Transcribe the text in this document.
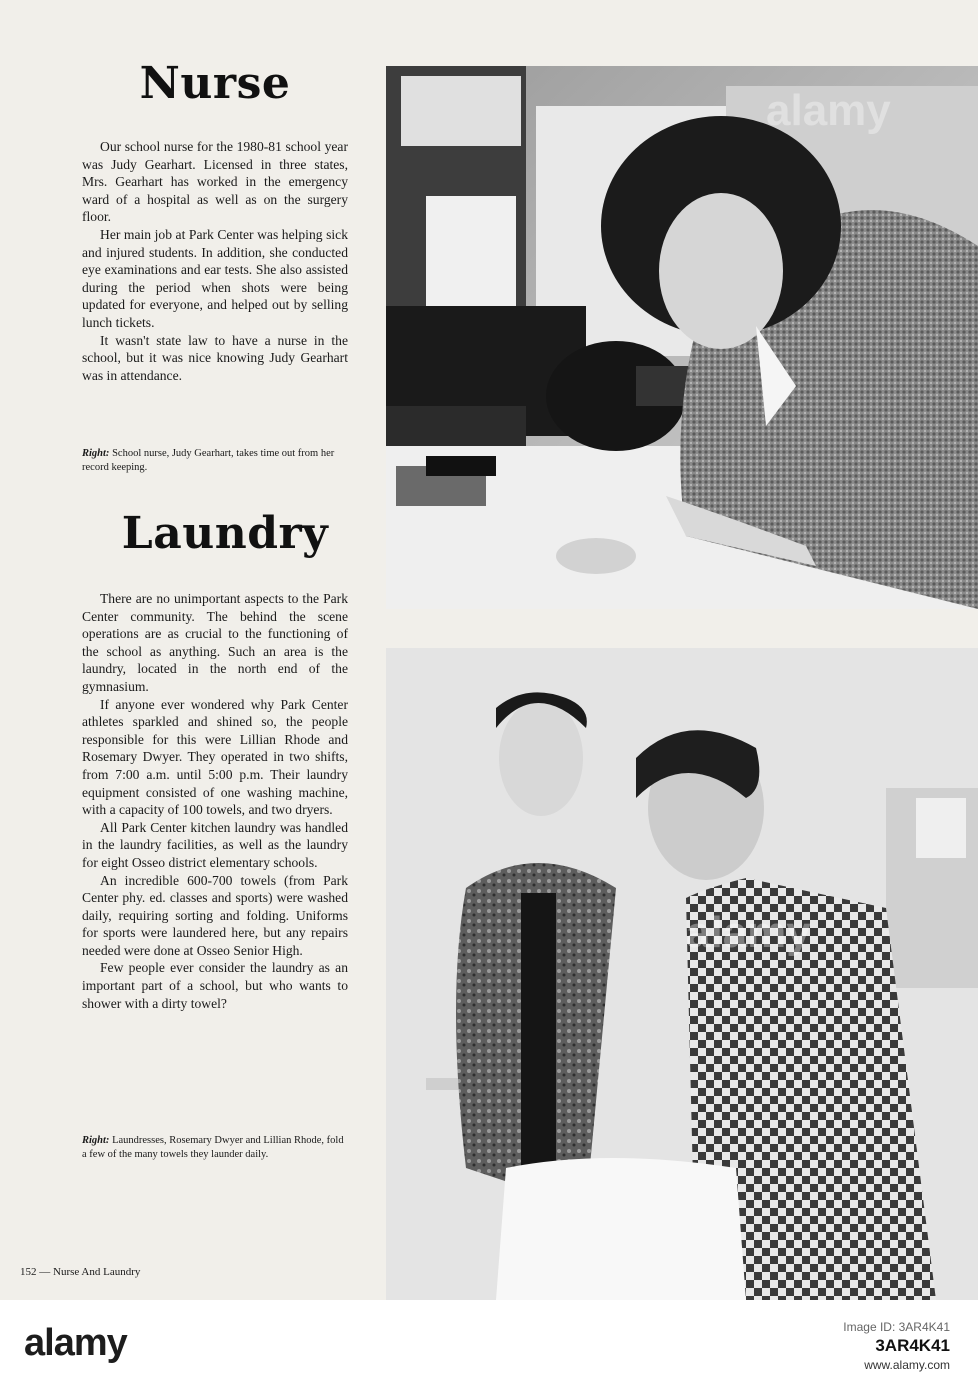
Nurse

Our school nurse for the 1980-81 school year was Judy Gearhart. Licensed in three states, Mrs. Gearhart has worked in the emergency ward of a hospital as well as on the surgery floor.

Her main job at Park Center was helping sick and injured students. In addition, she conducted eye examinations and ear tests. She also assisted during the period when shots were being updated for everyone, and helped out by selling lunch tickets.

It wasn't state law to have a nurse in the school, but it was nice knowing Judy Gearhart was in attendance.

Right: School nurse, Judy Gearhart, takes time out from her record keeping.
Laundry

There are no unimportant aspects to the Park Center community. The behind the scene operations are as crucial to the functioning of the school as anything. Such an area is the laundry, located in the north end of the gymnasium.

If anyone ever wondered why Park Center athletes sparkled and shined so, the people responsible for this were Lillian Rhode and Rosemary Dwyer. They operated in two shifts, from 7:00 a.m. until 5:00 p.m. Their laundry equipment consisted of one washing machine, with a capacity of 100 towels, and two dryers.

All Park Center kitchen laundry was handled in the laundry facilities, as well as the laundry for eight Osseo district elementary schools.

An incredible 600-700 towels (from Park Center phy. ed. classes and sports) were washed daily, requiring sorting and folding. Uniforms for sports were laundered here, but any repairs needed were done at Osseo Senior High.

Few people ever consider the laundry as an important part of a school, but who wants to shower with a dirty towel?

Right: Laundresses, Rosemary Dwyer and Lillian Rhode, fold a few of the many towels they launder daily.
152 — Nurse And Laundry
alamy
alamy
alamy	Image ID: 3AR4K41
3AR4K41
www.alamy.com
